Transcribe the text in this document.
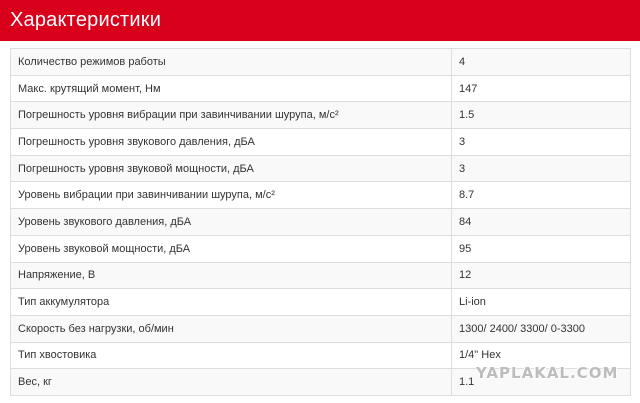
Характеристики
Количество режимов работы	4
Макс. крутящий момент, Нм	147
Погрешность уровня вибрации при завинчивании шурупа, м/с²	1.5
Погрешность уровня звукового давления, дБА	3
Погрешность уровня звуковой мощности, дБА	3
Уровень вибрации при завинчивании шурупа, м/с²	8.7
Уровень звукового давления, дБА	84
Уровень звуковой мощности, дБА	95
Напряжение, В	12
Тип аккумулятора	Li-ion
Скорость без нагрузки, об/мин	1300/ 2400/ 3300/ 0-3300
Тип хвостовика	1/4" Hex
Вес, кг	1.1
YAPLAKAL.COM
